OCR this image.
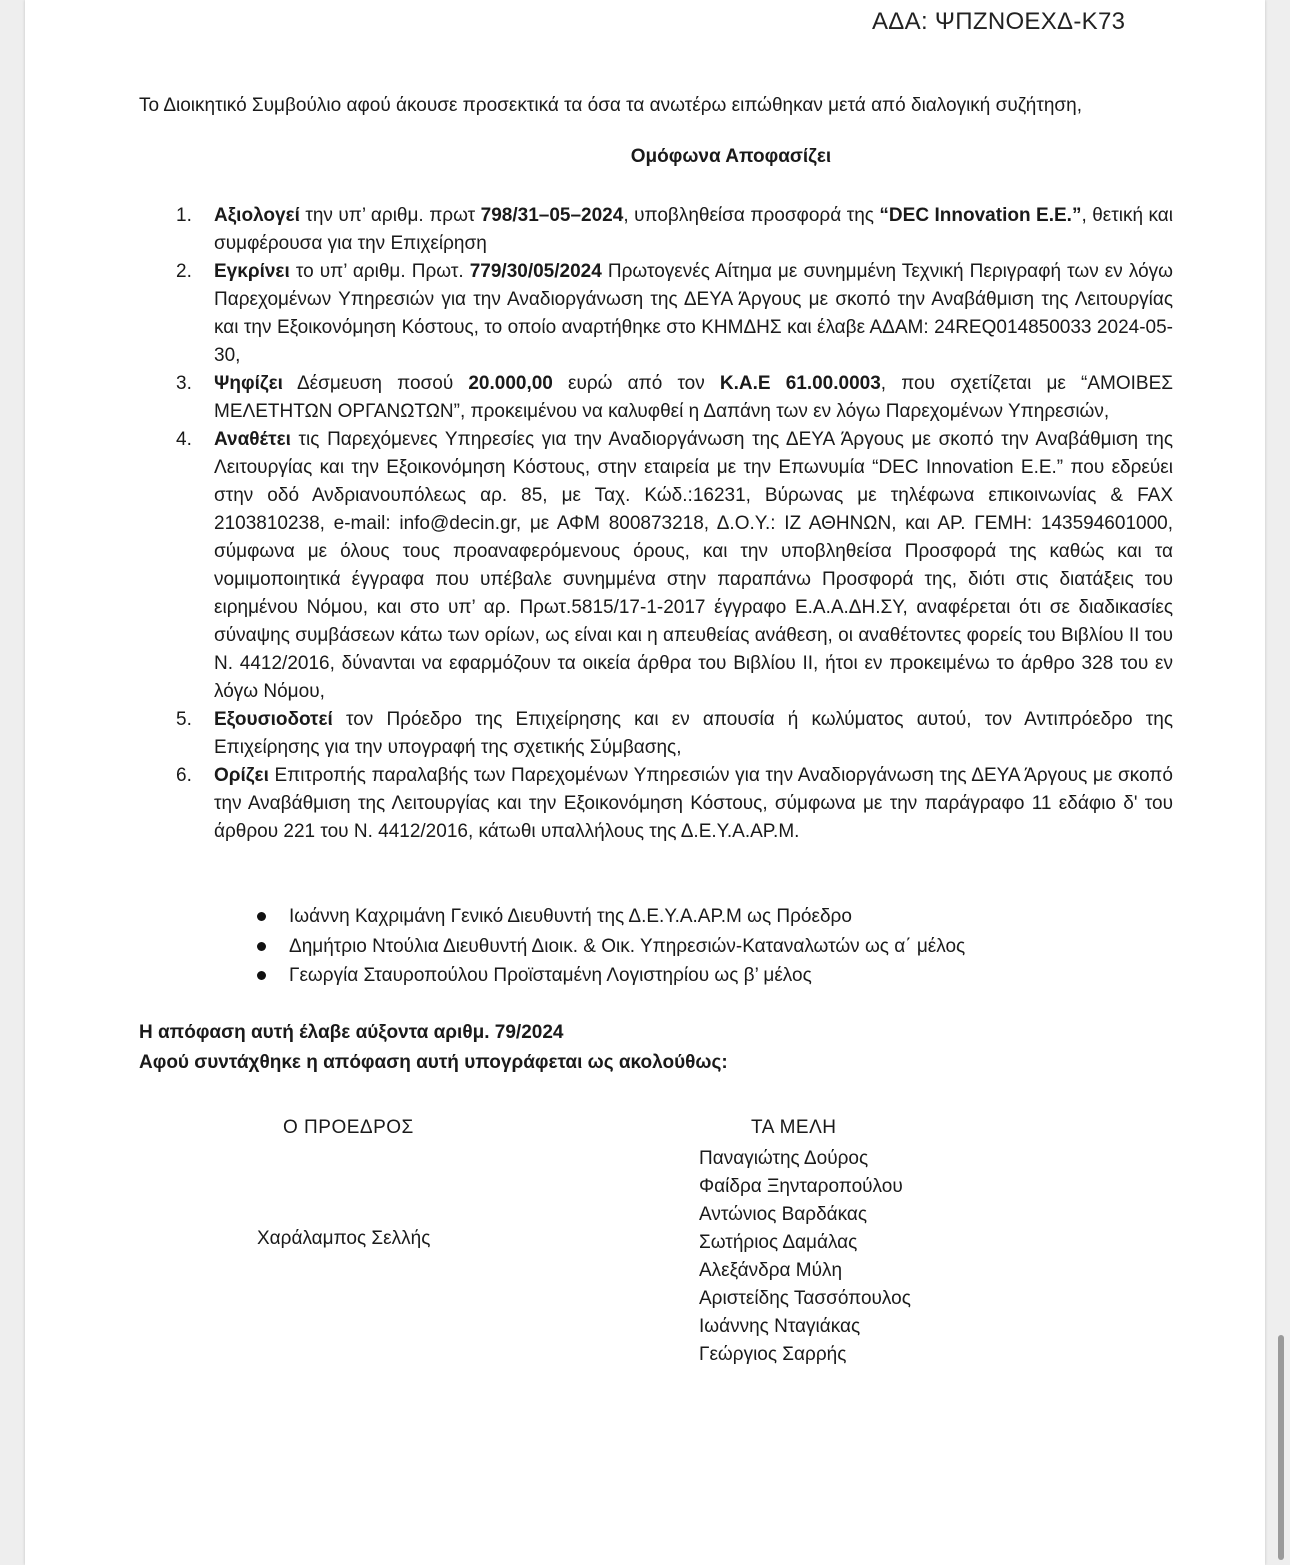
ΑΔΑ: ΨΠΖΝΟΕΧΔ-Κ73
Το Διοικητικό Συμβούλιο αφού άκουσε προσεκτικά τα όσα τα ανωτέρω ειπώθηκαν μετά από διαλογική συζήτηση,
Ομόφωνα Αποφασίζει
1. Αξιολογεί την υπ’ αριθμ. πρωτ 798/31–05–2024, υποβληθείσα προσφορά της “DEC Innovation E.E.”, θετική και συμφέρουσα για την Επιχείρηση
2. Εγκρίνει το υπ’ αριθμ. Πρωτ. 779/30/05/2024 Πρωτογενές Αίτημα με συνημμένη Τεχνική Περιγραφή των εν λόγω Παρεχομένων Υπηρεσιών για την Αναδιοργάνωση της ΔΕΥΑ Άργους με σκοπό την Αναβάθμιση της Λειτουργίας και την Εξοικονόμηση Κόστους, το οποίο αναρτήθηκε στο ΚΗΜΔΗΣ και έλαβε ΑΔΑΜ: 24REQ014850033 2024-05-30,
3. Ψηφίζει Δέσμευση ποσού 20.000,00 ευρώ από τον Κ.Α.Ε 61.00.0003, που σχετίζεται με “ΑΜΟΙΒΕΣ ΜΕΛΕΤΗΤΩΝ ΟΡΓΑΝΩΤΩΝ”, προκειμένου να καλυφθεί η Δαπάνη των εν λόγω Παρεχομένων Υπηρεσιών,
4. Αναθέτει τις Παρεχόμενες Υπηρεσίες για την Αναδιοργάνωση της ΔΕΥΑ Άργους με σκοπό την Αναβάθμιση της Λειτουργίας και την Εξοικονόμηση Κόστους, στην εταιρεία με την Επωνυμία “DEC Innovation E.E.” που εδρεύει στην οδό Ανδριανουπόλεως αρ. 85, με Ταχ. Κώδ.:16231, Βύρωνας με τηλέφωνα επικοινωνίας & FAX 2103810238, e-mail: info@decin.gr, με ΑΦΜ 800873218, Δ.Ο.Υ.: ΙΖ ΑΘΗΝΩΝ, και ΑΡ. ΓΕΜΗ: 143594601000, σύμφωνα με όλους τους προαναφερόμενους όρους, και την υποβληθείσα Προσφορά της καθώς και τα νομιμοποιητικά έγγραφα που υπέβαλε συνημμένα στην παραπάνω Προσφορά της, διότι στις διατάξεις του ειρημένου Νόμου, και στο υπ’ αρ. Πρωτ.5815/17-1-2017 έγγραφο Ε.Α.Α.ΔΗ.ΣΥ, αναφέρεται ότι σε διαδικασίες σύναψης συμβάσεων κάτω των ορίων, ως είναι και η απευθείας ανάθεση, οι αναθέτοντες φορείς του Βιβλίου ΙΙ του Ν. 4412/2016, δύνανται να εφαρμόζουν τα οικεία άρθρα του Βιβλίου ΙΙ, ήτοι εν προκειμένω το άρθρο 328 του εν λόγω Νόμου,
5. Εξουσιοδοτεί τον Πρόεδρο της Επιχείρησης και εν απουσία ή κωλύματος αυτού, τον Αντιπρόεδρο της Επιχείρησης για την υπογραφή της σχετικής Σύμβασης,
6. Ορίζει Επιτροπής παραλαβής των Παρεχομένων Υπηρεσιών για την Αναδιοργάνωση της ΔΕΥΑ Άργους με σκοπό την Αναβάθμιση της Λειτουργίας και την Εξοικονόμηση Κόστους, σύμφωνα με την παράγραφο 11 εδάφιο δ' του άρθρου 221 του Ν. 4412/2016, κάτωθι υπαλλήλους της Δ.Ε.Υ.Α.ΑΡ.Μ.
Ιωάννη Καχριμάνη Γενικό Διευθυντή της Δ.Ε.Υ.Α.ΑΡ.Μ ως Πρόεδρο
Δημήτριο Ντούλια Διευθυντή Διοικ. & Οικ. Υπηρεσιών-Καταναλωτών ως α΄ μέλος
Γεωργία Σταυροπούλου Προϊσταμένη Λογιστηρίου ως β’ μέλος
Η απόφαση αυτή έλαβε αύξοντα αριθμ. 79/2024
Αφού συντάχθηκε η απόφαση αυτή υπογράφεται ως ακολούθως:
Ο ΠΡΟΕΔΡΟΣ
Χαράλαμπος Σελλής
ΤΑ ΜΕΛΗ
Παναγιώτης Δούρος
Φαίδρα Ξηνταροπούλου
Αντώνιος Βαρδάκας
Σωτήριος Δαμάλας
Αλεξάνδρα Μύλη
Αριστείδης Τασσόπουλος
Ιωάννης Νταγιάκας
Γεώργιος Σαρρής
